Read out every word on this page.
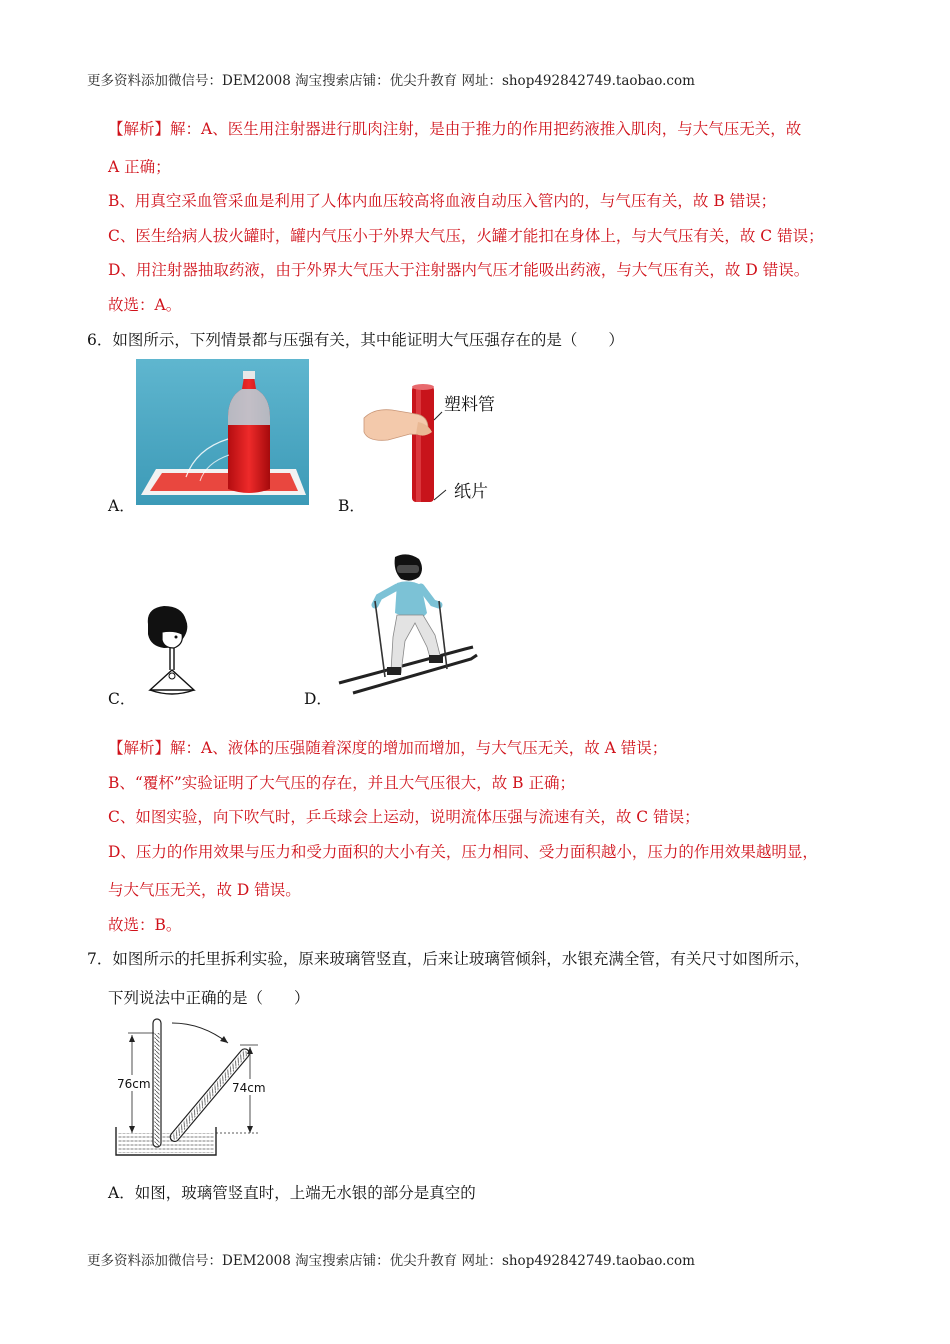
更多资料添加微信号：DEM2008 淘宝搜索店铺：优尖升教育 网址：shop492842749.taobao.com
【解析】解：A、医生用注射器进行肌肉注射，是由于推力的作用把药液推入肌肉，与大气压无关，故
A 正确；
B、用真空采血管采血是利用了人体内血压较高将血液自动压入管内的，与气压有关，故 B 错误；
C、医生给病人拔火罐时，罐内气压小于外界大气压，火罐才能扣在身体上，与大气压有关，故 C 错误；
D、用注射器抽取药液，由于外界大气压大于注射器内气压才能吸出药液，与大气压有关，故 D 错误。
故选：A。
6．如图所示，下列情景都与压强有关，其中能证明大气压强存在的是（　　）
A．
塑料管
纸片
B．
C．	D．
【解析】解：A、液体的压强随着深度的增加而增加，与大气压无关，故 A 错误；
B、“覆杯”实验证明了大气压的存在，并且大气压很大，故 B 正确；
C、如图实验，向下吹气时，乒乓球会上运动，说明流体压强与流速有关，故 C 错误；
D、压力的作用效果与压力和受力面积的大小有关，压力相同、受力面积越小，压力的作用效果越明显，
与大气压无关，故 D 错误。
故选：B。
7．如图所示的托里拆利实验，原来玻璃管竖直，后来让玻璃管倾斜，水银充满全管，有关尺寸如图所示，
下列说法中正确的是（　　）
76cm	74cm
A．如图，玻璃管竖直时，上端无水银的部分是真空的
更多资料添加微信号：DEM2008 淘宝搜索店铺：优尖升教育 网址：shop492842749.taobao.com
